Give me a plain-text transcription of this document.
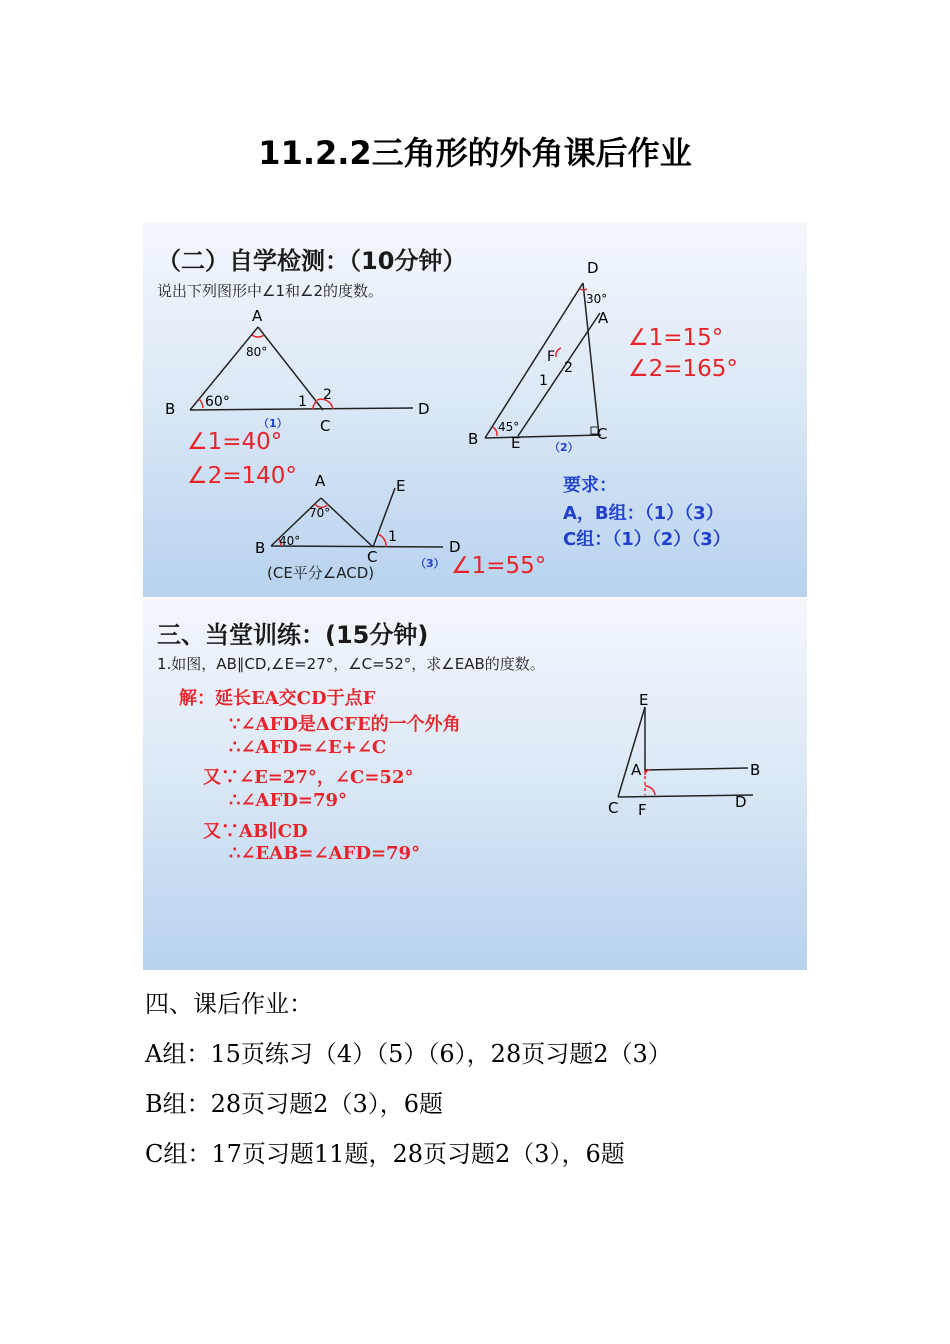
11.2.2三角形的外角课后作业
（二）自学检测：（10分钟）
说出下列图形中∠1和∠2的度数。
A
B
C
D
80°
60°	1 2
（1）
∠1=40°
∠2=140°
D
A
F
B E	C
30°
45°
1
2
（2）
∠1=15°
∠2=165°
A	E
B	C
D
70°
40°	1
（3）
(CE平分∠ACD)	∠1=55°
要求：
A，B组：（1）（3）
C组：（1）（2）（3）
三、当堂训练：(15分钟)
1.如图，AB∥CD,∠E=27°，∠C=52°，求∠EAB的度数。
解：延长EA交CD于点F
∵∠AFD是ΔCFE的一个外角
∴∠AFD=∠E+∠C
又∵∠E=27°，∠C=52°
∴∠AFD=79°
又∵AB∥CD
∴∠EAB=∠AFD=79°
E
A	B
C F	D
四、课后作业：
A组：15页练习（4）（5）（6），28页习题2（3）
B组：28页习题2（3），6题
C组：17页习题11题，28页习题2（3），6题
